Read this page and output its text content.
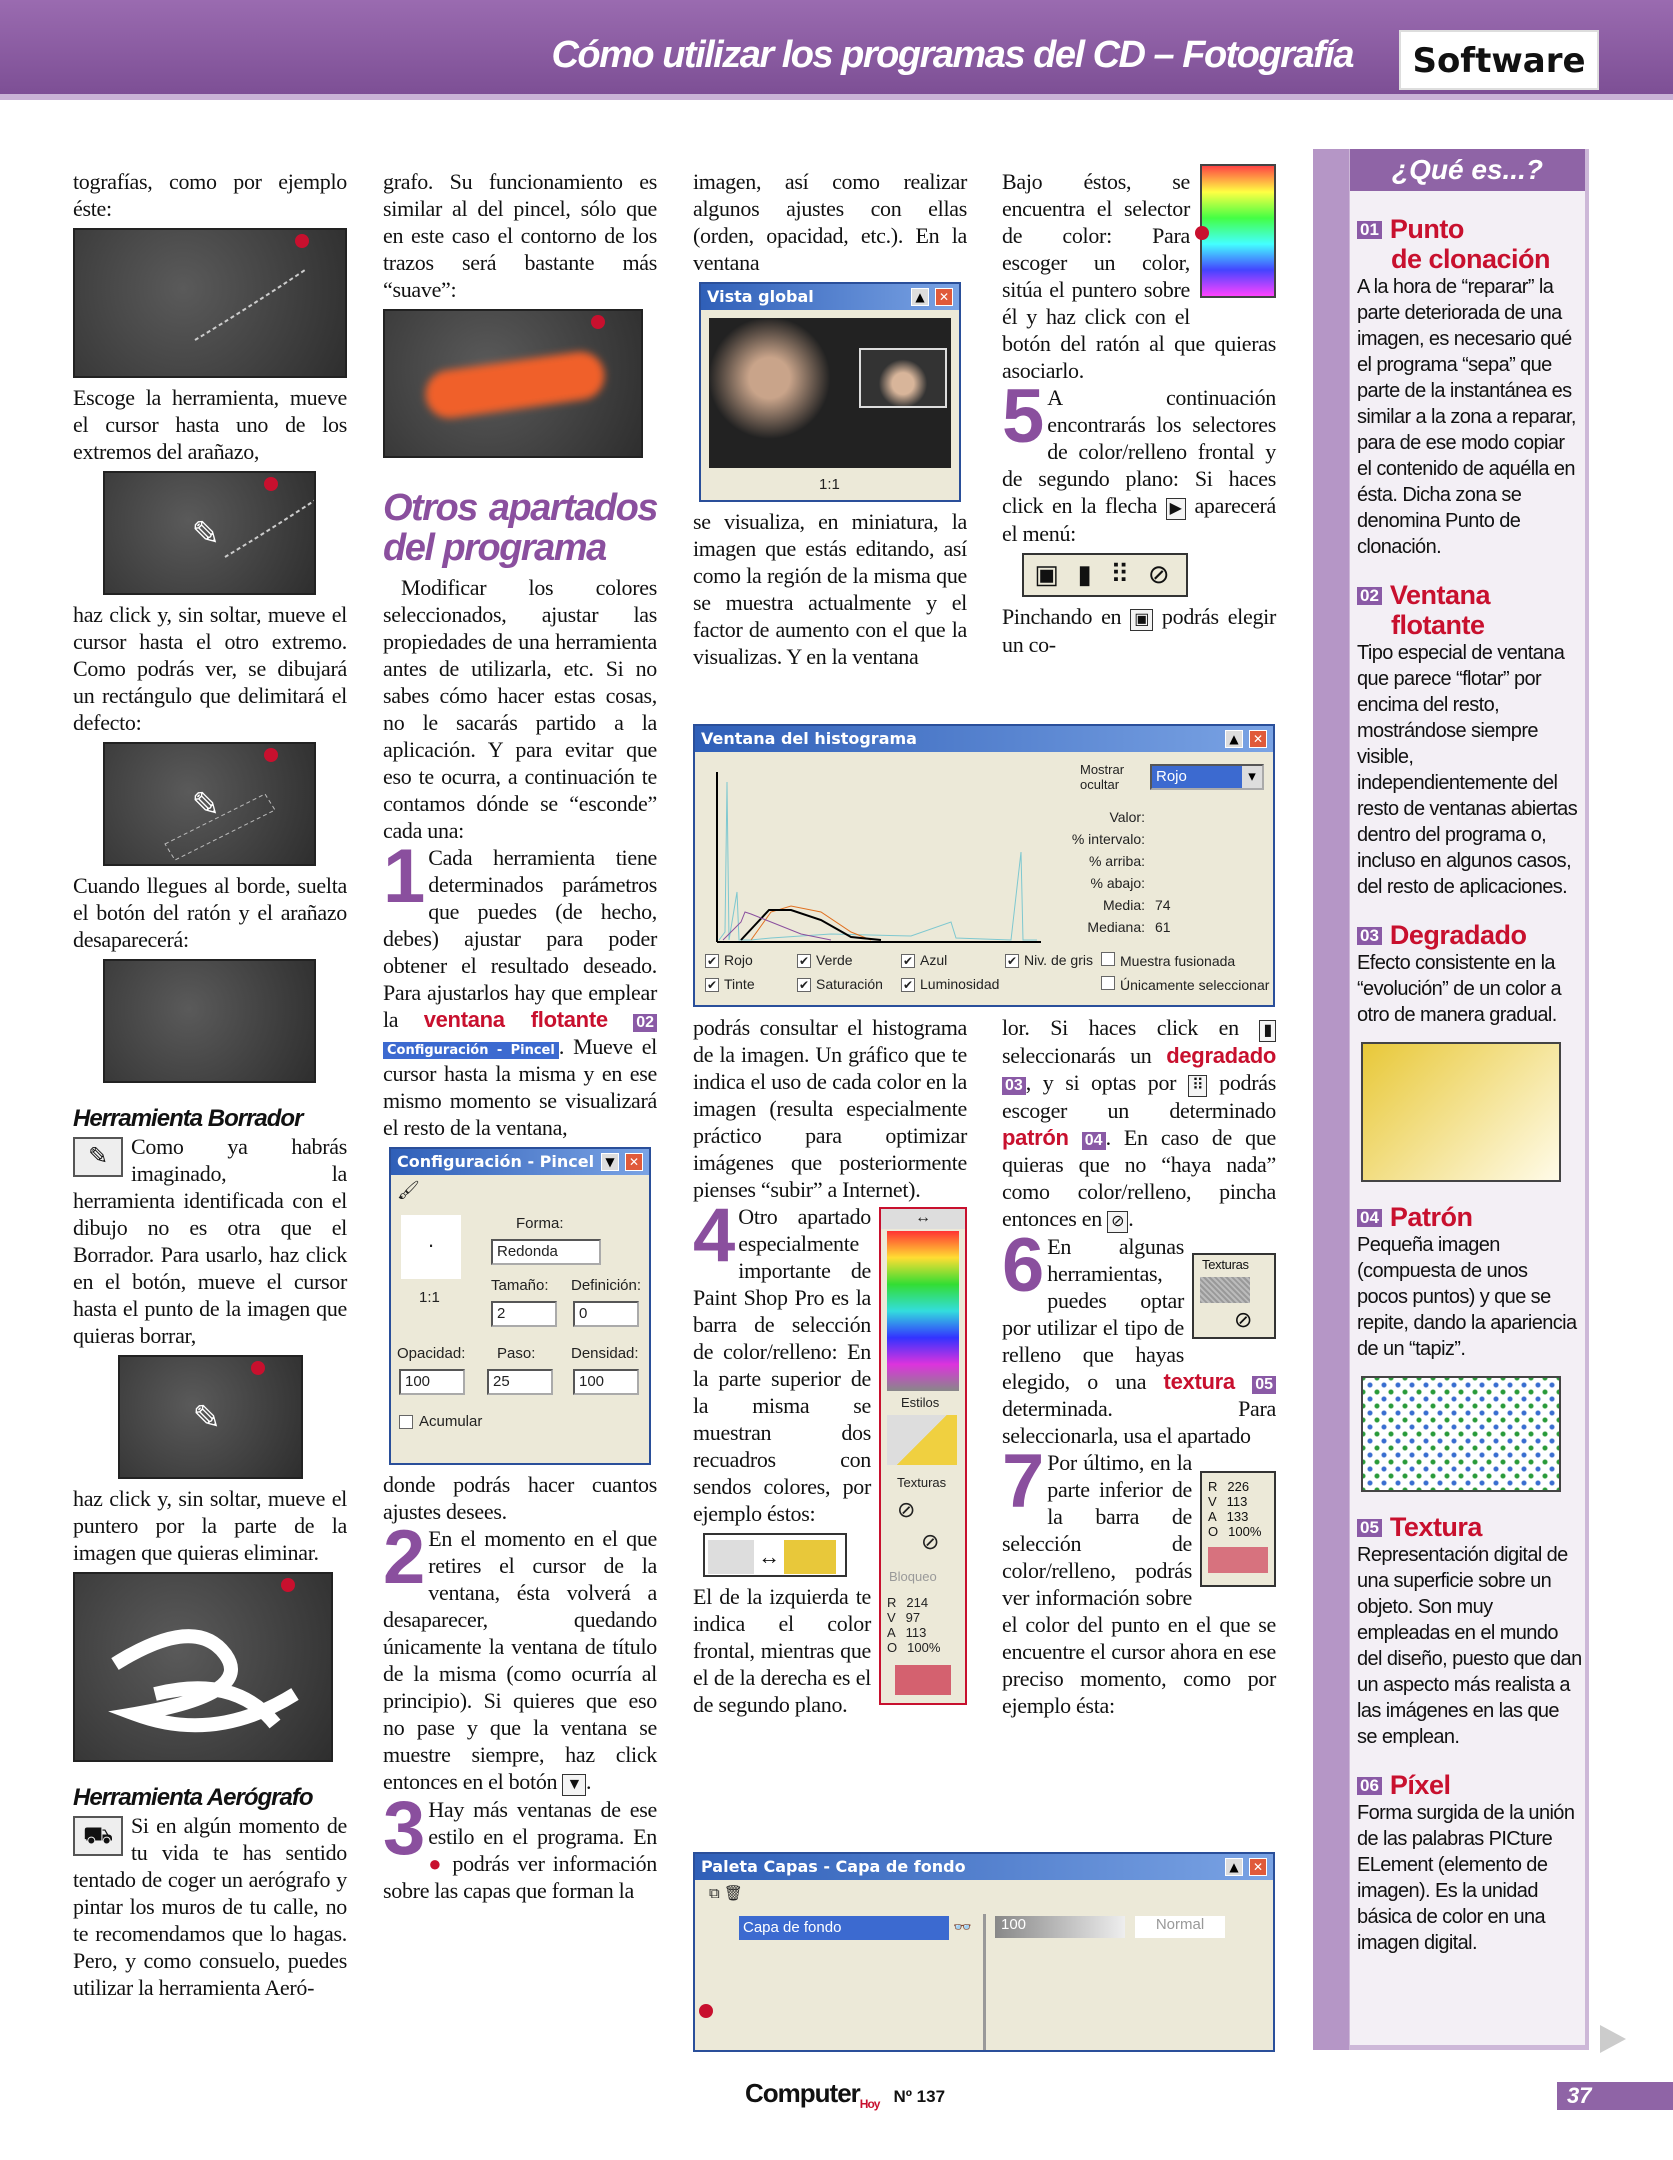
Cómo utilizar los programas del CD – Fotografía	Software

tografías, como por ejemplo éste:

Escoge la herramienta, mueve el cursor hasta uno de los extremos del arañazo,

✎

haz click y, sin soltar, mueve el cursor hasta el otro extremo. Como podrás ver, se dibujará un rectángulo que delimitará el defecto:

✎

Cuando llegues al borde, suelta el botón del ratón y el arañazo desaparecerá:

Herramienta Borrador

✎	Como ya habrás imaginado, la herramienta identificada con el dibujo no es otra que el Borrador. Para usarlo, haz click en el botón, mueve el cursor hasta el punto de la imagen que quieras borrar,

✎

haz click y, sin soltar, mueve el puntero por la parte de la imagen que quieras eliminar.

Herramienta Aerógrafo

⛟ Si en algún momento de tu vida te has sentido tentado de coger un aerógrafo y pintar los muros de tu calle, no te recomendamos que lo hagas. Pero, y como consuelo, puedes utilizar la herramienta Aeró-

grafo. Su funcionamiento es similar al del pincel, sólo que en este caso el contorno de los trazos será bastante más “suave”:

Otros apartados del programa

Modificar los colores seleccionados, ajustar las propiedades de una herramienta antes de utilizarla, etc. Si no sabes cómo hacer estas cosas, no le sacarás partido a la aplicación. Y para evitar que eso te ocurra, a continuación te contamos dónde se “esconde” cada una:

1 Cada herramienta tiene determinados parámetros que puedes (de hecho, debes) ajustar para poder obtener el resultado deseado. Para ajustarlos hay que emplear la ventana flotante 02 Configuración - Pincel . Mueve el cursor hasta la misma y en ese mismo momento se visualizará el resto de la ventana,

Configuración - Pincel ▼	✕
🖌
·
1:1
Forma:
Redonda
Tamaño: Definición:
2	0
Opacidad: Paso: Densidad:
100	25	100
Acumular

donde podrás hacer cuantos ajustes desees.

2 En el momento en el que retires el cursor de la ventana, ésta volverá a desaparecer, quedando únicamente la ventana de título de la misma (como ocurría al principio). Si quieres que eso no pase y que la ventana se muestre siempre, haz click entonces en el botón ▼ .

3 Hay más ventanas de ese estilo en el programa. En ● podrás ver información sobre las capas que forman la

imagen, así como realizar algunos ajustes con ellas (orden, opacidad, etc.). En la ventana

Vista global	▲	✕
1:1

se visualiza, en miniatura, la imagen que estás editando, así como la región de la misma que se muestra actualmente y el factor de aumento con el que la visualizas. Y en la ventana

Bajo éstos, se encuentra el selector de color: Para escoger un color, sitúa el puntero sobre él y haz click con el botón del ratón al que quieras asociarlo.

5 A continuación encontrarás los selectores de color/relleno frontal y de segundo plano: Si haces click en la flecha ▶ aparecerá el menú:

▣ ▮ ⠿ ⊘

Pinchando en ▣ podrás elegir un co-

podrás consultar el histograma de la imagen. Un gráfico que te indica el uso de cada color en la imagen (resulta especialmente práctico para optimizar imágenes que posteriormente pienses “subir” a Internet).

↔
Estilos
Texturas
⊘
⊘
Bloqueo
R 214
V 97
A 113
O 100%

4 Otro apartado especialmente importante de Paint Shop Pro es la barra de selección de color/relleno: En la parte superior de la misma se muestran dos recuadros con sendos colores, por ejemplo éstos:

↔

El de la izquierda te indica el color frontal, mientras que el de la derecha es el de segundo plano.

lor. Si haces click en ▮ seleccionarás un degradado 03 , y si optas por ⠿ podrás escoger un determinado patrón 04 . En caso de que quieras que no “haya nada” como color/relleno, pincha entonces en ⊘ .

Texturas
⊘

6 En algunas herramientas, puedes optar por utilizar el tipo de relleno que hayas elegido, o una textura 05 determinada. Para seleccionarla, usa el apartado

R 226
V 113
A 133
O 100%

7 Por último, en la parte inferior de la barra de selección de color/relleno, podrás ver información sobre el color del punto en el que se encuentre el cursor ahora en ese preciso momento, como por ejemplo ésta:

Ventana del histograma	▲	✕
Mostrar ocultar	Rojo	▾
Valor:
% intervalo:
% arriba:
% abajo:
Media: 74
Mediana: 61
✔ Rojo	✔ Verde	✔ Azul	✔ Niv. de gris
✔ Tinte	✔ Saturación ✔ Luminosidad
Muestra fusionada
Únicamente seleccionar
Paleta Capas - Capa de fondo	▲	✕
⧉ 🗑
Capa de fondo	👓	100	Normal
¿Qué es...?
01 Punto
de clonación
A la hora de “reparar” la parte deteriorada de una imagen, es necesario qué el programa “sepa” que parte de la instantánea es similar a la zona a reparar, para de ese modo copiar el contenido de aquélla en ésta. Dicha zona se denomina Punto de clonación.
02 Ventana
flotante
Tipo especial de ventana que parece “flotar” por encima del resto, mostrándose siempre visible, independientemente del resto de ventanas abiertas dentro del programa o, incluso en algunos casos, del resto de aplicaciones.
03 Degradado
Efecto consistente en la “evolución” de un color a otro de manera gradual.
04 Patrón
Pequeña imagen (compuesta de unos pocos puntos) y que se repite, dando la apariencia de un “tapiz”.
05 Textura
Representación digital de una superficie sobre un objeto. Son muy empleadas en el mundo del diseño, puesto que dan un aspecto más realista a las imágenes en las que se emplean.
06 Píxel
Forma surgida de la unión de las palabras PICture ELement (elemento de imagen). Es la unidad básica de color en una imagen digital.
Computer$_{Hoy}$ Nº 137	37
